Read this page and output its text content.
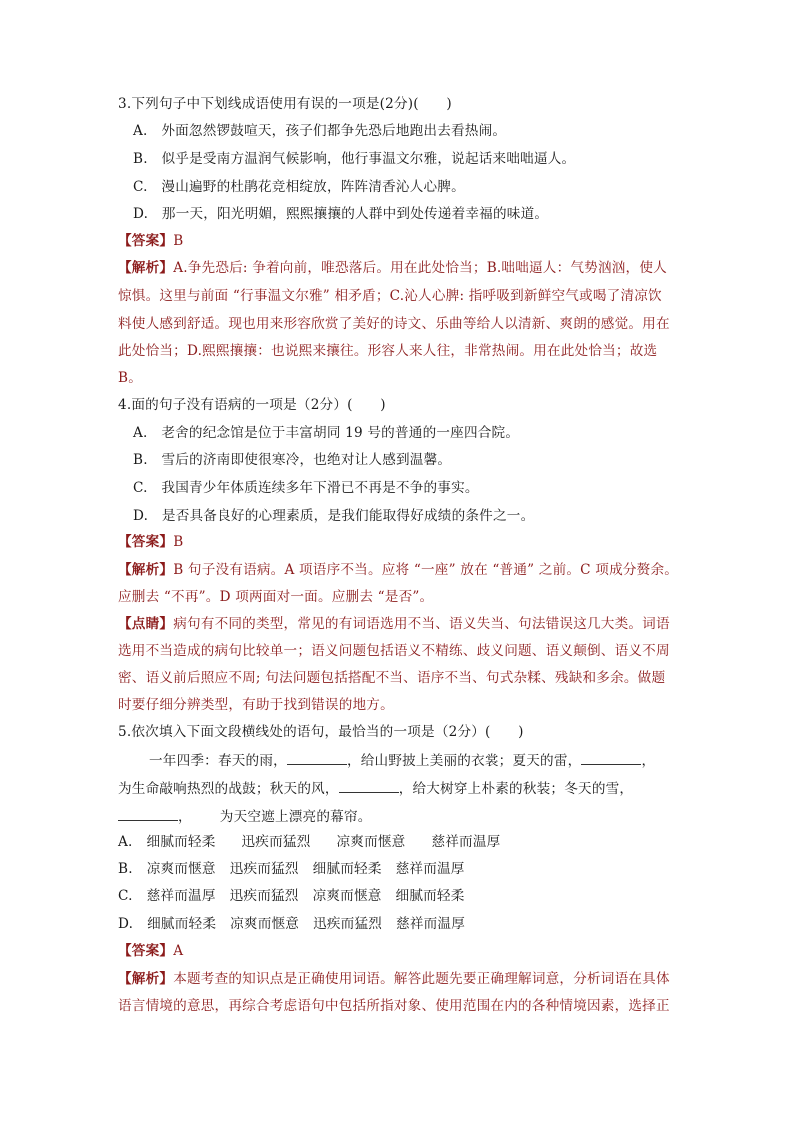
3.下列句子中下划线成语使用有误的一项是(2分)(　　)
A.　外面忽然锣鼓喧天，孩子们都争先恐后地跑出去看热闹。
B.　似乎是受南方温润气候影响，他行事温文尔雅，说起话来咄咄逼人。
C.　漫山遍野的杜鹃花竞相绽放，阵阵清香沁人心脾。
D.　那一天，阳光明媚，熙熙攘攘的人群中到处传递着幸福的味道。
【答案】B
【解析】A.争先恐后: 争着向前，唯恐落后。用在此处恰当；B.咄咄逼人：气势汹汹，使人
惊惧。这里与前面 “行事温文尔雅” 相矛盾；C.沁人心脾: 指呼吸到新鲜空气或喝了清凉饮
料使人感到舒适。现也用来形容欣赏了美好的诗文、乐曲等给人以清新、爽朗的感觉。用在
此处恰当；D.熙熙攘攘：也说熙来攘往。形容人来人往，非常热闹。用在此处恰当；故选
B。
4.面的句子没有语病的一项是（2分）(　　)
A.　老舍的纪念馆是位于丰富胡同 19 号的普通的一座四合院。
B.　雪后的济南即使很寒冷，也绝对让人感到温馨。
C.　我国青少年体质连续多年下滑已不再是不争的事实。
D.　是否具备良好的心理素质，是我们能取得好成绩的条件之一。
【答案】B
【解析】B 句子没有语病。A 项语序不当。应将 “一座” 放在 “普通” 之前。C 项成分赘余。
应删去 “不再”。D 项两面对一面。应删去 “是否”。
【点睛】病句有不同的类型，常见的有词语选用不当、语义失当、句法错误这几大类。词语
选用不当造成的病句比较单一；语义问题包括语义不精练、歧义问题、语义颠倒、语义不周
密、语义前后照应不周; 句法问题包括搭配不当、语序不当、句式杂糅、残缺和多余。做题
时要仔细分辨类型，有助于找到错误的地方。
5.依次填入下面文段横线处的语句，最恰当的一项是（2分）(　　)
一年四季：春天的雨，	，给山野披上美丽的衣裳；夏天的雷，	，
为生命敲响热烈的战鼓；秋天的风，	，给大树穿上朴素的秋装；冬天的雪，
， 为天空遮上漂亮的幕帘。
A. 细腻而轻柔 迅疾而猛烈 凉爽而惬意 慈祥而温厚
B. 凉爽而惬意 迅疾而猛烈 细腻而轻柔 慈祥而温厚
C. 慈祥而温厚 迅疾而猛烈 凉爽而惬意 细腻而轻柔
D. 细腻而轻柔 凉爽而惬意 迅疾而猛烈 慈祥而温厚
【答案】A
【解析】本题考查的知识点是正确使用词语。解答此题先要正确理解词意，分析词语在具体
语言情境的意思，再综合考虑语句中包括所指对象、使用范围在内的各种情境因素，选择正
